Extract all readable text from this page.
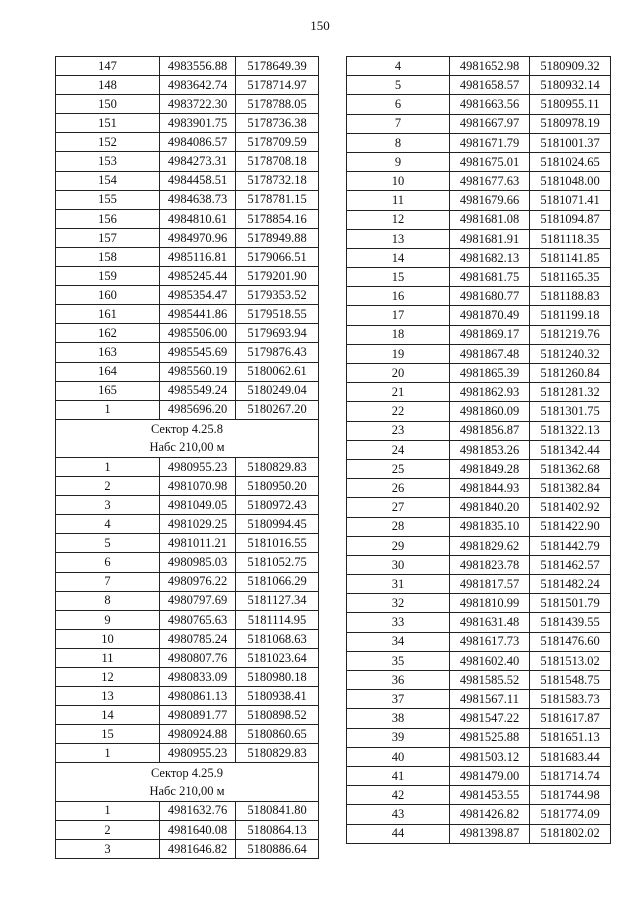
150
147	4983556.88	5178649.39
148	4983642.74	5178714.97
150	4983722.30	5178788.05
151	4983901.75	5178736.38
152	4984086.57	5178709.59
153	4984273.31	5178708.18
154	4984458.51	5178732.18
155	4984638.73	5178781.15
156	4984810.61	5178854.16
157	4984970.96	5178949.88
158	4985116.81	5179066.51
159	4985245.44	5179201.90
160	4985354.47	5179353.52
161	4985441.86	5179518.55
162	4985506.00	5179693.94
163	4985545.69	5179876.43
164	4985560.19	5180062.61
165	4985549.24	5180249.04
1	4985696.20	5180267.20
Сектор 4.25.8		
Набс 210,00 м		
1	4980955.23	5180829.83
2	4981070.98	5180950.20
3	4981049.05	5180972.43
4	4981029.25	5180994.45
5	4981011.21	5181016.55
6	4980985.03	5181052.75
7	4980976.22	5181066.29
8	4980797.69	5181127.34
9	4980765.63	5181114.95
10	4980785.24	5181068.63
11	4980807.76	5181023.64
12	4980833.09	5180980.18
13	4980861.13	5180938.41
14	4980891.77	5180898.52
15	4980924.88	5180860.65
1	4980955.23	5180829.83
Сектор 4.25.9		
Набс 210,00 м		
1	4981632.76	5180841.80
2	4981640.08	5180864.13
3	4981646.82	5180886.64
4	4981652.98	5180909.32
5	4981658.57	5180932.14
6	4981663.56	5180955.11
7	4981667.97	5180978.19
8	4981671.79	5181001.37
9	4981675.01	5181024.65
10	4981677.63	5181048.00
11	4981679.66	5181071.41
12	4981681.08	5181094.87
13	4981681.91	5181118.35
14	4981682.13	5181141.85
15	4981681.75	5181165.35
16	4981680.77	5181188.83
17	4981870.49	5181199.18
18	4981869.17	5181219.76
19	4981867.48	5181240.32
20	4981865.39	5181260.84
21	4981862.93	5181281.32
22	4981860.09	5181301.75
23	4981856.87	5181322.13
24	4981853.26	5181342.44
25	4981849.28	5181362.68
26	4981844.93	5181382.84
27	4981840.20	5181402.92
28	4981835.10	5181422.90
29	4981829.62	5181442.79
30	4981823.78	5181462.57
31	4981817.57	5181482.24
32	4981810.99	5181501.79
33	4981631.48	5181439.55
34	4981617.73	5181476.60
35	4981602.40	5181513.02
36	4981585.52	5181548.75
37	4981567.11	5181583.73
38	4981547.22	5181617.87
39	4981525.88	5181651.13
40	4981503.12	5181683.44
41	4981479.00	5181714.74
42	4981453.55	5181744.98
43	4981426.82	5181774.09
44	4981398.87	5181802.02
